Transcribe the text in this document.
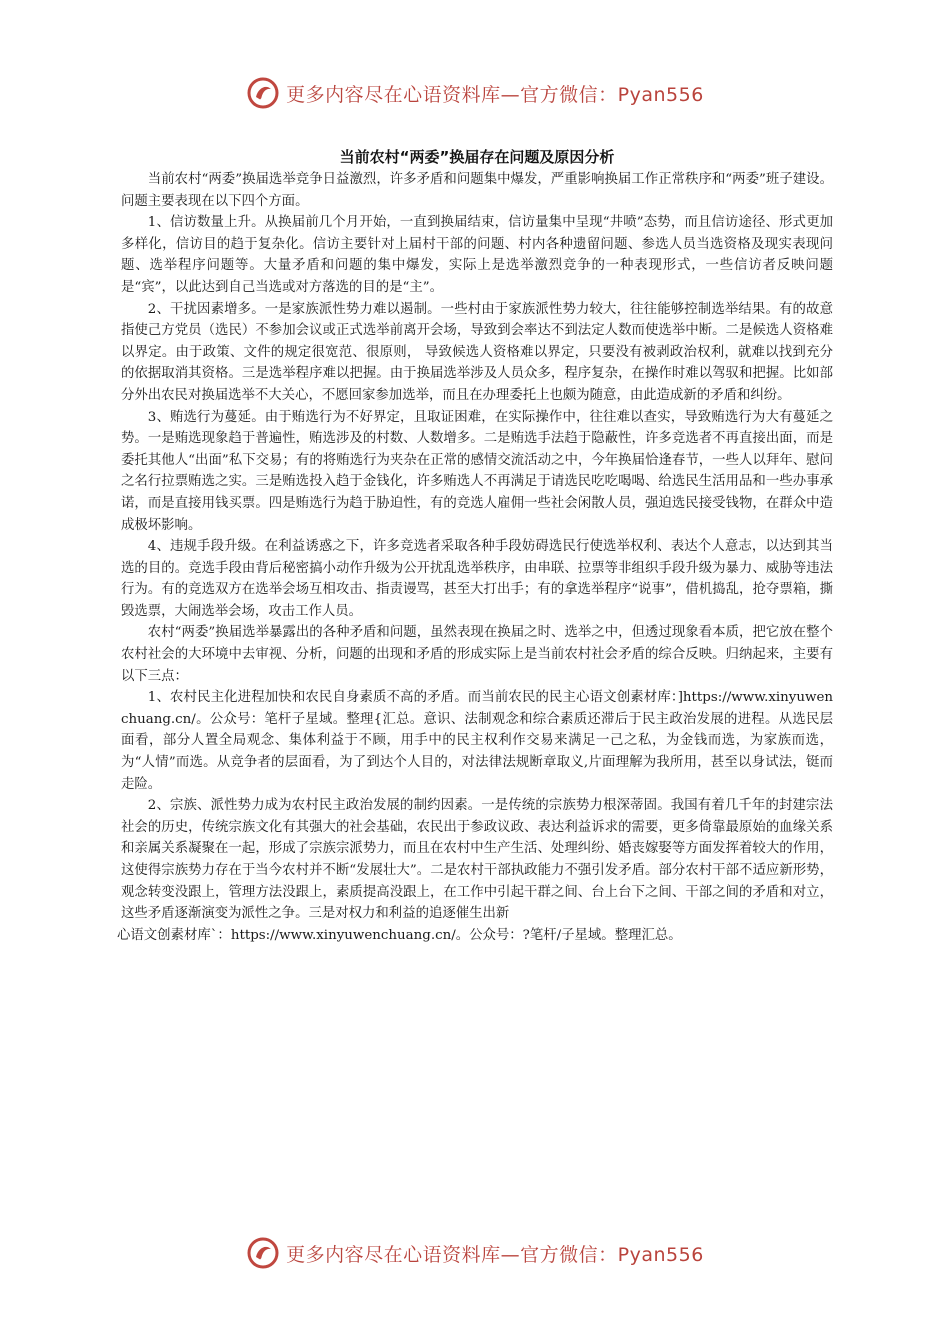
更多内容尽在心语资料库—官方微信：Pyan556
当前农村“两委”换届存在问题及原因分析

当前农村“两委”换届选举竞争日益激烈，许多矛盾和问题集中爆发，严重影响换届工作正常秩序和“两委”班子建设。问题主要表现在以下四个方面。

1、信访数量上升。从换届前几个月开始，一直到换届结束，信访量集中呈现“井喷”态势，而且信访途径、形式更加多样化，信访目的趋于复杂化。信访主要针对上届村干部的问题、村内各种遗留问题、参选人员当选资格及现实表现问题、选举程序问题等。大量矛盾和问题的集中爆发，实际上是选举激烈竞争的一种表现形式，一些信访者反映问题是“宾”，以此达到自己当选或对方落选的目的是“主”。

2、干扰因素增多。一是家族派性势力难以遏制。一些村由于家族派性势力较大，往往能够控制选举结果。有的故意指使己方党员（选民）不参加会议或正式选举前离开会场，导致到会率达不到法定人数而使选举中断。二是候选人资格难以界定。由于政策、文件的规定很宽范、很原则， 导致候选人资格难以界定，只要没有被剥政治权利，就难以找到充分的依据取消其资格。三是选举程序难以把握。由于换届选举涉及人员众多，程序复杂，在操作时难以驾驭和把握。比如部分外出农民对换届选举不大关心，不愿回家参加选举，而且在办理委托上也颇为随意，由此造成新的矛盾和纠纷。

3、贿选行为蔓延。由于贿选行为不好界定，且取证困难，在实际操作中，往往难以查实，导致贿选行为大有蔓延之势。一是贿选现象趋于普遍性，贿选涉及的村数、人数增多。二是贿选手法趋于隐蔽性，许多竞选者不再直接出面，而是委托其他人“出面”私下交易；有的将贿选行为夹杂在正常的感情交流活动之中，今年换届恰逢春节，一些人以拜年、慰问之名行拉票贿选之实。三是贿选投入趋于金钱化，许多贿选人不再满足于请选民吃吃喝喝、给选民生活用品和一些办事承诺，而是直接用钱买票。四是贿选行为趋于胁迫性，有的竞选人雇佣一些社会闲散人员，强迫选民接受钱物，在群众中造成极坏影响。

4、违规手段升级。在利益诱惑之下，许多竞选者采取各种手段妨碍选民行使选举权利、表达个人意志，以达到其当选的目的。竞选手段由背后秘密搞小动作升级为公开扰乱选举秩序，由串联、拉票等非组织手段升级为暴力、威胁等违法行为。有的竞选双方在选举会场互相攻击、指责谩骂，甚至大打出手；有的拿选举程序“说事”，借机捣乱，抢夺票箱，撕毁选票，大闹选举会场，攻击工作人员。

农村“两委”换届选举暴露出的各种矛盾和问题，虽然表现在换届之时、选举之中，但透过现象看本质，把它放在整个农村社会的大环境中去审视、分析，问题的出现和矛盾的形成实际上是当前农村社会矛盾的综合反映。归纳起来，主要有以下三点：

1、农村民主化进程加快和农民自身素质不高的矛盾。而当前农民的民主心语文创素材库：]https://www.xinyuwenchuang.cn/。公众号：笔杆子星域。整理{汇总。意识、法制观念和综合素质还滞后于民主政治发展的进程。从选民层面看，部分人置全局观念、集体利益于不顾，用手中的民主权利作交易来满足一己之私，为金钱而选，为家族而选，为“人情”而选。从竞争者的层面看，为了到达个人目的，对法律法规断章取义,片面理解为我所用，甚至以身试法，铤而走险。

2、宗族、派性势力成为农村民主政治发展的制约因素。一是传统的宗族势力根深蒂固。我国有着几千年的封建宗法社会的历史，传统宗族文化有其强大的社会基础，农民出于参政议政、表达利益诉求的需要，更多倚靠最原始的血缘关系和亲属关系凝聚在一起，形成了宗族宗派势力，而且在农村中生产生活、处理纠纷、婚丧嫁娶等方面发挥着较大的作用，这使得宗族势力存在于当今农村并不断“发展壮大”。二是农村干部执政能力不强引发矛盾。部分农村干部不适应新形势，观念转变没跟上，管理方法没跟上，素质提高没跟上，在工作中引起干群之间、台上台下之间、干部之间的矛盾和对立，这些矛盾逐渐演变为派性之争。三是对权力和利益的追逐催生出新

心语文创素材库`：https://www.xinyuwenchuang.cn/。公众号：?笔杆/子星域。整理汇总。

更多内容尽在心语资料库—官方微信：Pyan556
